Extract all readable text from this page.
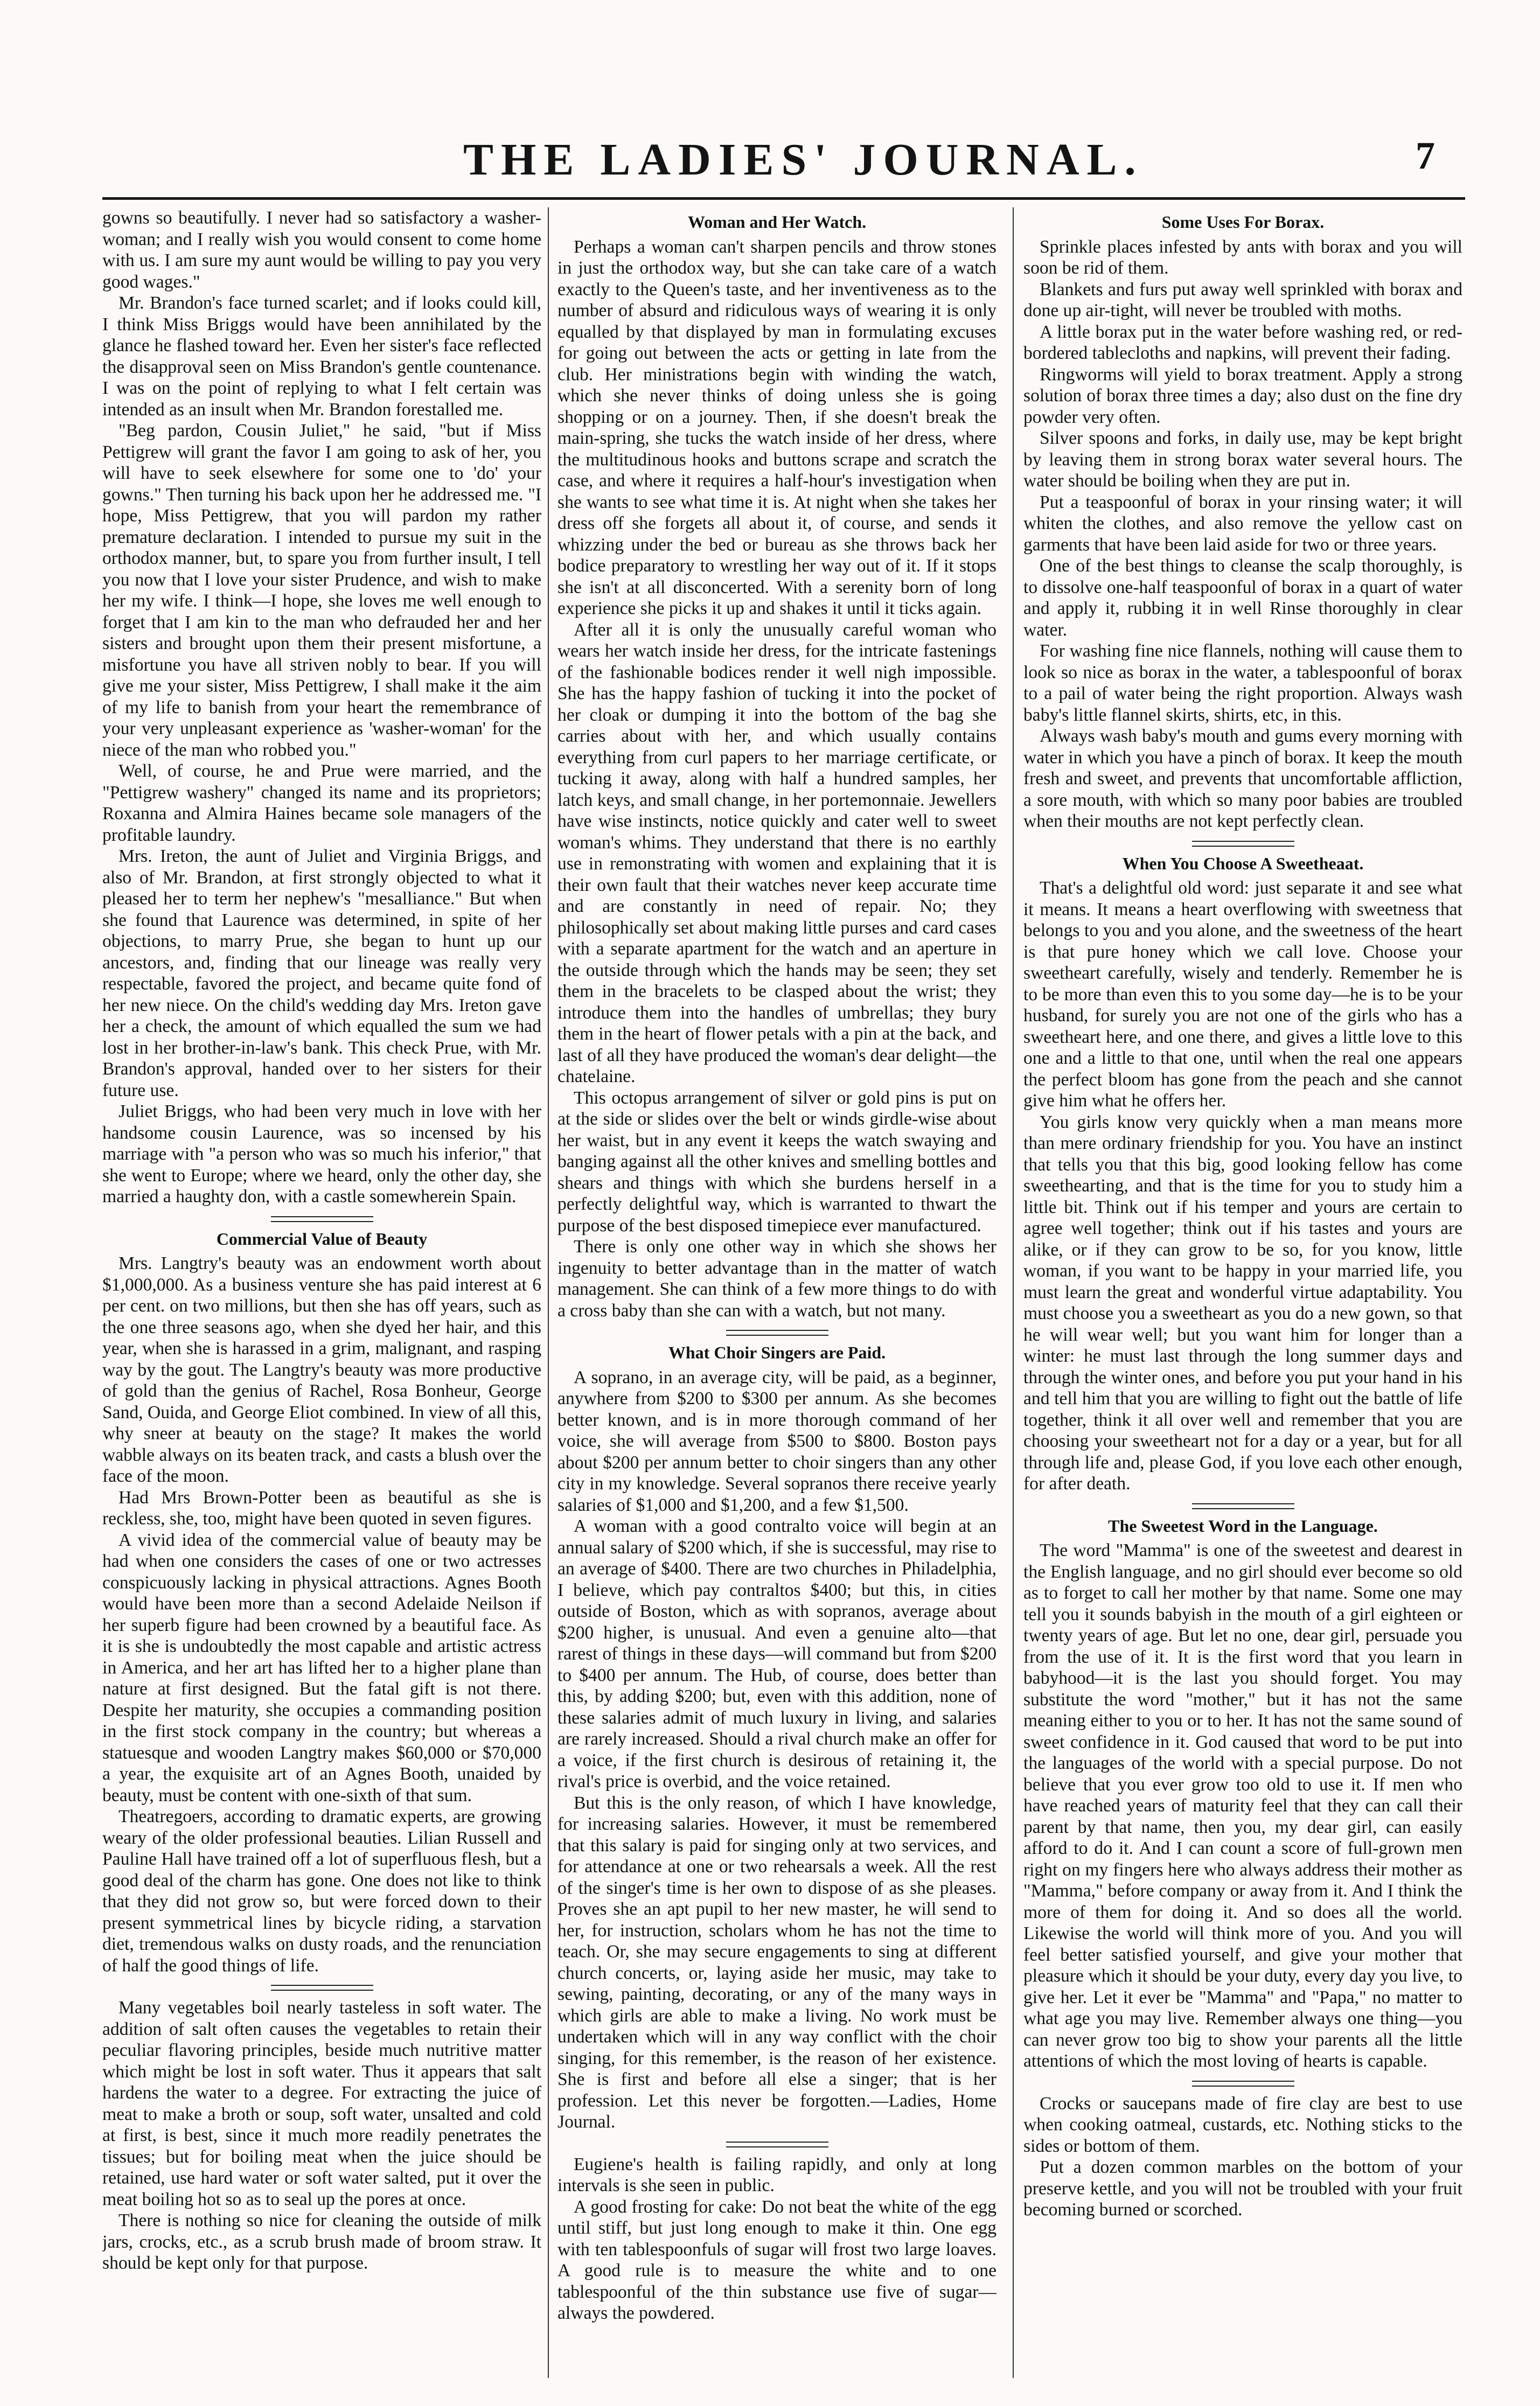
THE LADIES' JOURNAL.	7

gowns so beautifully. I never had so satisfactory a washer-woman; and I really wish you would consent to come home with us. I am sure my aunt would be willing to pay you very good wages."

Mr. Brandon's face turned scarlet; and if looks could kill, I think Miss Briggs would have been annihilated by the glance he flashed toward her. Even her sister's face reflected the disapproval seen on Miss Brandon's gentle countenance. I was on the point of replying to what I felt certain was intended as an insult when Mr. Brandon forestalled me.

"Beg pardon, Cousin Juliet," he said, "but if Miss Pettigrew will grant the favor I am going to ask of her, you will have to seek elsewhere for some one to 'do' your gowns." Then turning his back upon her he addressed me. "I hope, Miss Pettigrew, that you will pardon my rather premature declaration. I intended to pursue my suit in the orthodox manner, but, to spare you from further insult, I tell you now that I love your sister Prudence, and wish to make her my wife. I think—I hope, she loves me well enough to forget that I am kin to the man who defrauded her and her sisters and brought upon them their present misfortune, a misfortune you have all striven nobly to bear. If you will give me your sister, Miss Pettigrew, I shall make it the aim of my life to banish from your heart the remembrance of your very unpleasant experience as 'washer-woman' for the niece of the man who robbed you."

Well, of course, he and Prue were married, and the "Pettigrew washery" changed its name and its proprietors; Roxanna and Almira Haines became sole managers of the profitable laundry.

Mrs. Ireton, the aunt of Juliet and Virginia Briggs, and also of Mr. Brandon, at first strongly objected to what it pleased her to term her nephew's "mesalliance." But when she found that Laurence was determined, in spite of her objections, to marry Prue, she began to hunt up our ancestors, and, finding that our lineage was really very respectable, favored the project, and became quite fond of her new niece. On the child's wedding day Mrs. Ireton gave her a check, the amount of which equalled the sum we had lost in her brother-in-law's bank. This check Prue, with Mr. Brandon's approval, handed over to her sisters for their future use.

Juliet Briggs, who had been very much in love with her handsome cousin Laurence, was so incensed by his marriage with "a person who was so much his inferior," that she went to Europe; where we heard, only the other day, she married a haughty don, with a castle somewherein Spain.

Commercial Value of Beauty

Mrs. Langtry's beauty was an endowment worth about $1,000,000. As a business venture she has paid interest at 6 per cent. on two millions, but then she has off years, such as the one three seasons ago, when she dyed her hair, and this year, when she is harassed in a grim, malignant, and rasping way by the gout. The Langtry's beauty was more productive of gold than the genius of Rachel, Rosa Bonheur, George Sand, Ouida, and George Eliot combined. In view of all this, why sneer at beauty on the stage? It makes the world wabble always on its beaten track, and casts a blush over the face of the moon.

Had Mrs Brown-Potter been as beautiful as she is reckless, she, too, might have been quoted in seven figures.

A vivid idea of the commercial value of beauty may be had when one considers the cases of one or two actresses conspicuously lacking in physical attractions. Agnes Booth would have been more than a second Adelaide Neilson if her superb figure had been crowned by a beautiful face. As it is she is undoubtedly the most capable and artistic actress in America, and her art has lifted her to a higher plane than nature at first designed. But the fatal gift is not there. Despite her maturity, she occupies a commanding position in the first stock company in the country; but whereas a statuesque and wooden Langtry makes $60,000 or $70,000 a year, the exquisite art of an Agnes Booth, unaided by beauty, must be content with one-sixth of that sum.

Theatregoers, according to dramatic experts, are growing weary of the older professional beauties. Lilian Russell and Pauline Hall have trained off a lot of superfluous flesh, but a good deal of the charm has gone. One does not like to think that they did not grow so, but were forced down to their present symmetrical lines by bicycle riding, a starvation diet, tremendous walks on dusty roads, and the renunciation of half the good things of life.

Many vegetables boil nearly tasteless in soft water. The addition of salt often causes the vegetables to retain their peculiar flavoring principles, beside much nutritive matter which might be lost in soft water. Thus it appears that salt hardens the water to a degree. For extracting the juice of meat to make a broth or soup, soft water, unsalted and cold at first, is best, since it much more readily penetrates the tissues; but for boiling meat when the juice should be retained, use hard water or soft water salted, put it over the meat boiling hot so as to seal up the pores at once.

There is nothing so nice for cleaning the outside of milk jars, crocks, etc., as a scrub brush made of broom straw. It should be kept only for that purpose.

Woman and Her Watch.

Perhaps a woman can't sharpen pencils and throw stones in just the orthodox way, but she can take care of a watch exactly to the Queen's taste, and her inventiveness as to the number of absurd and ridiculous ways of wearing it is only equalled by that displayed by man in formulating excuses for going out between the acts or getting in late from the club. Her ministrations begin with winding the watch, which she never thinks of doing unless she is going shopping or on a journey. Then, if she doesn't break the main-spring, she tucks the watch inside of her dress, where the multitudinous hooks and buttons scrape and scratch the case, and where it requires a half-hour's investigation when she wants to see what time it is. At night when she takes her dress off she forgets all about it, of course, and sends it whizzing under the bed or bureau as she throws back her bodice preparatory to wrestling her way out of it. If it stops she isn't at all disconcerted. With a serenity born of long experience she picks it up and shakes it until it ticks again.

After all it is only the unusually careful woman who wears her watch inside her dress, for the intricate fastenings of the fashionable bodices render it well nigh impossible. She has the happy fashion of tucking it into the pocket of her cloak or dumping it into the bottom of the bag she carries about with her, and which usually contains everything from curl papers to her marriage certificate, or tucking it away, along with half a hundred samples, her latch keys, and small change, in her portemonnaie. Jewellers have wise instincts, notice quickly and cater well to sweet woman's whims. They understand that there is no earthly use in remonstrating with women and explaining that it is their own fault that their watches never keep accurate time and are constantly in need of repair. No; they philosophically set about making little purses and card cases with a separate apartment for the watch and an aperture in the outside through which the hands may be seen; they set them in the bracelets to be clasped about the wrist; they introduce them into the handles of umbrellas; they bury them in the heart of flower petals with a pin at the back, and last of all they have produced the woman's dear delight—the chatelaine.

This octopus arrangement of silver or gold pins is put on at the side or slides over the belt or winds girdle-wise about her waist, but in any event it keeps the watch swaying and banging against all the other knives and smelling bottles and shears and things with which she burdens herself in a perfectly delightful way, which is warranted to thwart the purpose of the best disposed timepiece ever manufactured.

There is only one other way in which she shows her ingenuity to better advantage than in the matter of watch management. She can think of a few more things to do with a cross baby than she can with a watch, but not many.

What Choir Singers are Paid.

A soprano, in an average city, will be paid, as a beginner, anywhere from $200 to $300 per annum. As she becomes better known, and is in more thorough command of her voice, she will average from $500 to $800. Boston pays about $200 per annum better to choir singers than any other city in my knowledge. Several sopranos there receive yearly salaries of $1,000 and $1,200, and a few $1,500.

A woman with a good contralto voice will begin at an annual salary of $200 which, if she is successful, may rise to an average of $400. There are two churches in Philadelphia, I believe, which pay contraltos $400; but this, in cities outside of Boston, which as with sopranos, average about $200 higher, is unusual. And even a genuine alto—that rarest of things in these days—will command but from $200 to $400 per annum. The Hub, of course, does better than this, by adding $200; but, even with this addition, none of these salaries admit of much luxury in living, and salaries are rarely increased. Should a rival church make an offer for a voice, if the first church is desirous of retaining it, the rival's price is overbid, and the voice retained.

But this is the only reason, of which I have knowledge, for increasing salaries. However, it must be remembered that this salary is paid for singing only at two services, and for attendance at one or two rehearsals a week. All the rest of the singer's time is her own to dispose of as she pleases. Proves she an apt pupil to her new master, he will send to her, for instruction, scholars whom he has not the time to teach. Or, she may secure engagements to sing at different church concerts, or, laying aside her music, may take to sewing, painting, decorating, or any of the many ways in which girls are able to make a living. No work must be undertaken which will in any way conflict with the choir singing, for this remember, is the reason of her existence. She is first and before all else a singer; that is her profession. Let this never be forgotten.—Ladies, Home Journal.

Eugiene's health is failing rapidly, and only at long intervals is she seen in public.

A good frosting for cake: Do not beat the white of the egg until stiff, but just long enough to make it thin. One egg with ten tablespoonfuls of sugar will frost two large loaves. A good rule is to measure the white and to one tablespoonful of the thin substance use five of sugar—always the powdered.

Some Uses For Borax.

Sprinkle places infested by ants with borax and you will soon be rid of them.

Blankets and furs put away well sprinkled with borax and done up air-tight, will never be troubled with moths.

A little borax put in the water before washing red, or red-bordered tablecloths and napkins, will prevent their fading.

Ringworms will yield to borax treatment. Apply a strong solution of borax three times a day; also dust on the fine dry powder very often.

Silver spoons and forks, in daily use, may be kept bright by leaving them in strong borax water several hours. The water should be boiling when they are put in.

Put a teaspoonful of borax in your rinsing water; it will whiten the clothes, and also remove the yellow cast on garments that have been laid aside for two or three years.

One of the best things to cleanse the scalp thoroughly, is to dissolve one-half teaspoonful of borax in a quart of water and apply it, rubbing it in well Rinse thoroughly in clear water.

For washing fine nice flannels, nothing will cause them to look so nice as borax in the water, a tablespoonful of borax to a pail of water being the right proportion. Always wash baby's little flannel skirts, shirts, etc, in this.

Always wash baby's mouth and gums every morning with water in which you have a pinch of borax. It keep the mouth fresh and sweet, and prevents that uncomfortable affliction, a sore mouth, with which so many poor babies are troubled when their mouths are not kept perfectly clean.

When You Choose A Sweetheaat.

That's a delightful old word: just separate it and see what it means. It means a heart overflowing with sweetness that belongs to you and you alone, and the sweetness of the heart is that pure honey which we call love. Choose your sweetheart carefully, wisely and tenderly. Remember he is to be more than even this to you some day—he is to be your husband, for surely you are not one of the girls who has a sweetheart here, and one there, and gives a little love to this one and a little to that one, until when the real one appears the perfect bloom has gone from the peach and she cannot give him what he offers her.

You girls know very quickly when a man means more than mere ordinary friendship for you. You have an instinct that tells you that this big, good looking fellow has come sweethearting, and that is the time for you to study him a little bit. Think out if his temper and yours are certain to agree well together; think out if his tastes and yours are alike, or if they can grow to be so, for you know, little woman, if you want to be happy in your married life, you must learn the great and wonderful virtue adaptability. You must choose you a sweetheart as you do a new gown, so that he will wear well; but you want him for longer than a winter: he must last through the long summer days and through the winter ones, and before you put your hand in his and tell him that you are willing to fight out the battle of life together, think it all over well and remember that you are choosing your sweetheart not for a day or a year, but for all through life and, please God, if you love each other enough, for after death.

The Sweetest Word in the Language.

The word "Mamma" is one of the sweetest and dearest in the English language, and no girl should ever become so old as to forget to call her mother by that name. Some one may tell you it sounds babyish in the mouth of a girl eighteen or twenty years of age. But let no one, dear girl, persuade you from the use of it. It is the first word that you learn in babyhood—it is the last you should forget. You may substitute the word "mother," but it has not the same meaning either to you or to her. It has not the same sound of sweet confidence in it. God caused that word to be put into the languages of the world with a special purpose. Do not believe that you ever grow too old to use it. If men who have reached years of maturity feel that they can call their parent by that name, then you, my dear girl, can easily afford to do it. And I can count a score of full-grown men right on my fingers here who always address their mother as "Mamma," before company or away from it. And I think the more of them for doing it. And so does all the world. Likewise the world will think more of you. And you will feel better satisfied yourself, and give your mother that pleasure which it should be your duty, every day you live, to give her. Let it ever be "Mamma" and "Papa," no matter to what age you may live. Remember always one thing—you can never grow too big to show your parents all the little attentions of which the most loving of hearts is capable.

Crocks or saucepans made of fire clay are best to use when cooking oatmeal, custards, etc. Nothing sticks to the sides or bottom of them.

Put a dozen common marbles on the bottom of your preserve kettle, and you will not be troubled with your fruit becoming burned or scorched.
